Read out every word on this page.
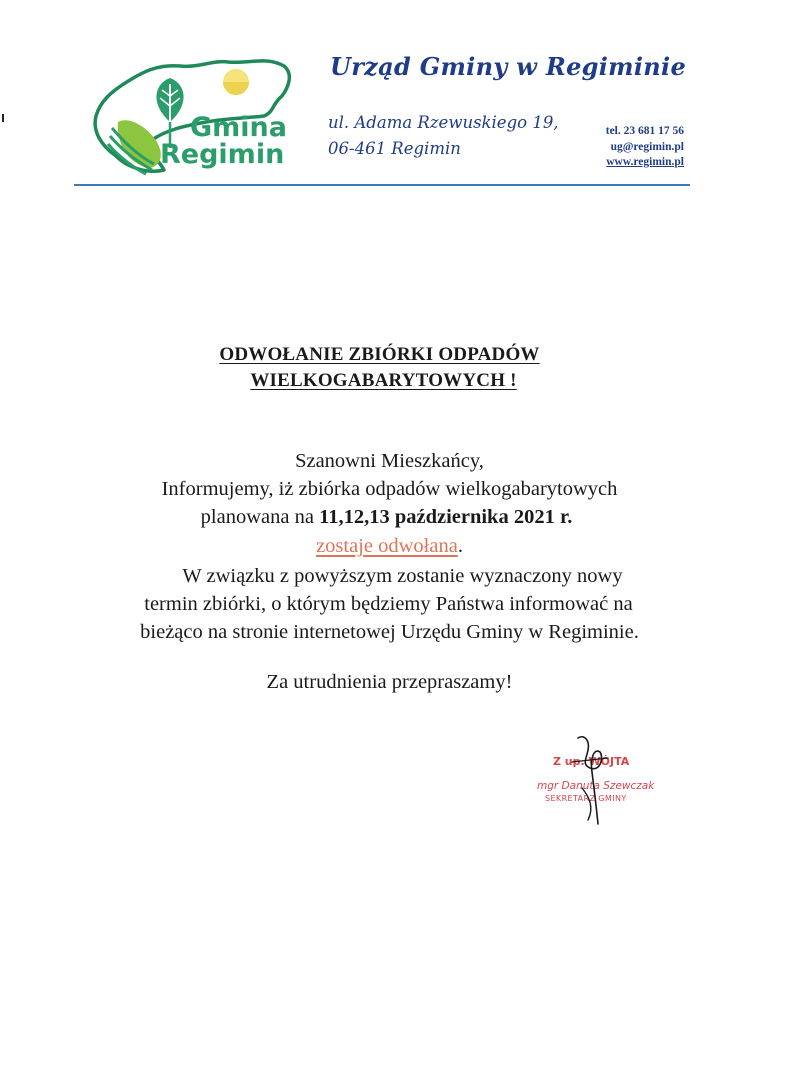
Gmina
Regimin
Urząd Gminy w Regiminie
ul. Adama Rzewuskiego 19,
06-461 Regimin
tel. 23 681 17 56
ug@regimin.pl
www.regimin.pl
ODWOŁANIE ZBIÓRKI ODPADÓW
WIELKOGABARYTOWYCH !
Szanowni Mieszkańcy,
Informujemy, iż zbiórka odpadów wielkogabarytowych
planowana na 11,12,13 października 2021 r.
zostaje odwołana.
W związku z powyższym zostanie wyznaczony nowy
termin zbiórki, o którym będziemy Państwa informować na
bieżąco na stronie internetowej Urzędu Gminy w Regiminie.
Za utrudnienia przepraszamy!
Z up. WÓJTA
mgr Danuta Szewczak
SEKRETARZ GMINY
